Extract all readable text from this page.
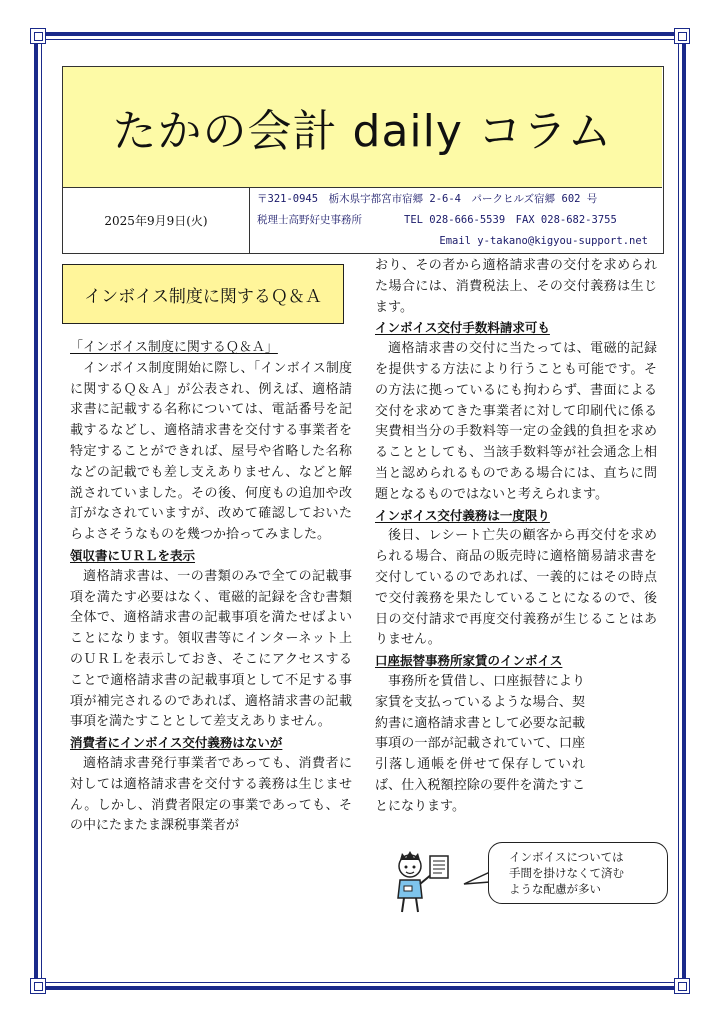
たかの会計 daily コラム
2025年9月9日(火)
〒321-0945　栃木県宇都宮市宿郷 2-6-4　パークヒルズ宿郷 602 号
税理士高野好史事務所　　　　TEL 028-666-5539　FAX 028-682-3755
Email y-takano@kigyou-support.net
インボイス制度に関するＱ＆Ａ

「インボイス制度に関するＱ＆Ａ」

インボイス制度開始に際し、「インボイス制度に関するＱ＆Ａ」が公表され、例えば、適格請求書に記載する名称については、電話番号を記載するなどし、適格請求書を交付する事業者を特定することができれば、屋号や省略した名称などの記載でも差し支えありません、などと解説されていました。その後、何度もの追加や改訂がなされていますが、改めて確認しておいたらよさそうなものを幾つか拾ってみました。

領収書にＵＲＬを表示

適格請求書は、一の書類のみで全ての記載事項を満たす必要はなく、電磁的記録を含む書類全体で、適格請求書の記載事項を満たせばよいことになります。領収書等にインターネット上のＵＲＬを表示しておき、そこにアクセスすることで適格請求書の記載事項として不足する事項が補完されるのであれば、適格請求書の記載事項を満たすこととして差支えありません。

消費者にインボイス交付義務はないが

適格請求書発行事業者であっても、消費者に対しては適格請求書を交付する義務は生じません。しかし、消費者限定の事業であっても、その中にたまたま課税事業者が

おり、その者から適格請求書の交付を求められた場合には、消費税法上、その交付義務は生じます。

インボイス交付手数料請求可も

適格請求書の交付に当たっては、電磁的記録を提供する方法により行うことも可能です。その方法に拠っているにも拘わらず、書面による交付を求めてきた事業者に対して印刷代に係る実費相当分の手数料等一定の金銭的負担を求めることとしても、当該手数料等が社会通念上相当と認められるものである場合には、直ちに問題となるものではないと考えられます。

インボイス交付義務は一度限り

後日、レシート亡失の顧客から再交付を求められる場合、商品の販売時に適格簡易請求書を交付しているのであれば、一義的にはその時点で交付義務を果たしていることになるので、後日の交付請求で再度交付義務が生じることはありません。

口座振替事務所家賃のインボイス

事務所を賃借し、口座振替により家賃を支払っているような場合、契約書に適格請求書として必要な記載事項の一部が記載されていて、口座引落し通帳を併せて保存していれば、仕入税額控除の要件を満たすことになります。

インボイスについては
手間を掛けなくて済む
ような配慮が多い
